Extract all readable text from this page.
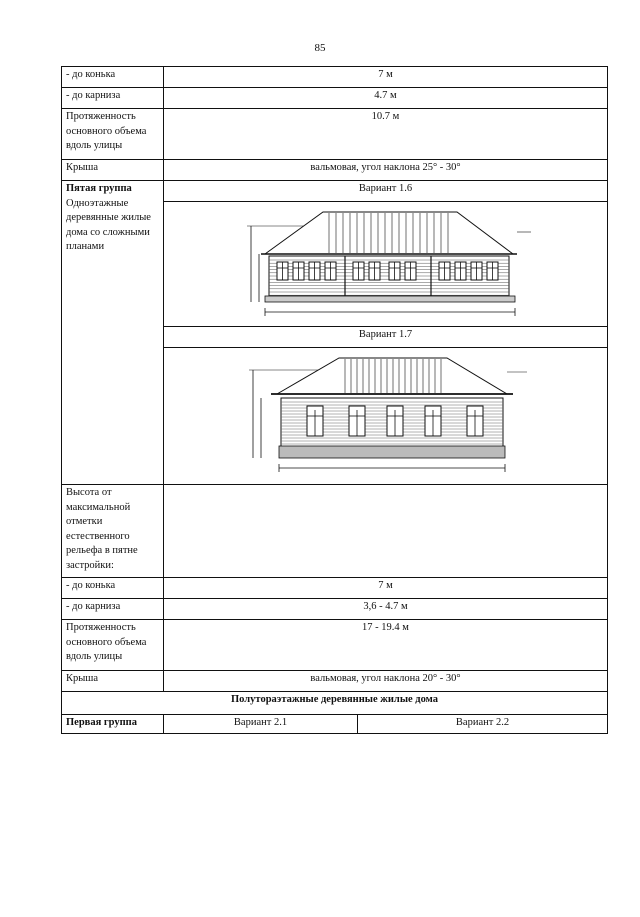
85
- до конька	7 м	
- до карниза	4.7 м	
Протяженность основного объема вдоль улицы	10.7 м	
Крыша	вальмовая, угол наклона 25° - 30°	

Пятая группа
Одноэтажные деревянные жилые дома со сложными планами	Вариант 1.6	

	Вариант 1.7	

Высота от максимальной отметки естественного рельефа в пятне застройки:		
- до конька	7 м	
- до карниза	3,6 - 4.7 м	
Протяженность основного объема вдоль улицы	17 - 19.4 м	
Крыша	вальмовая, угол наклона 20° - 30°	
Полутораэтажные деревянные жилые дома		
Первая группа	Вариант 2.1	Вариант 2.2
